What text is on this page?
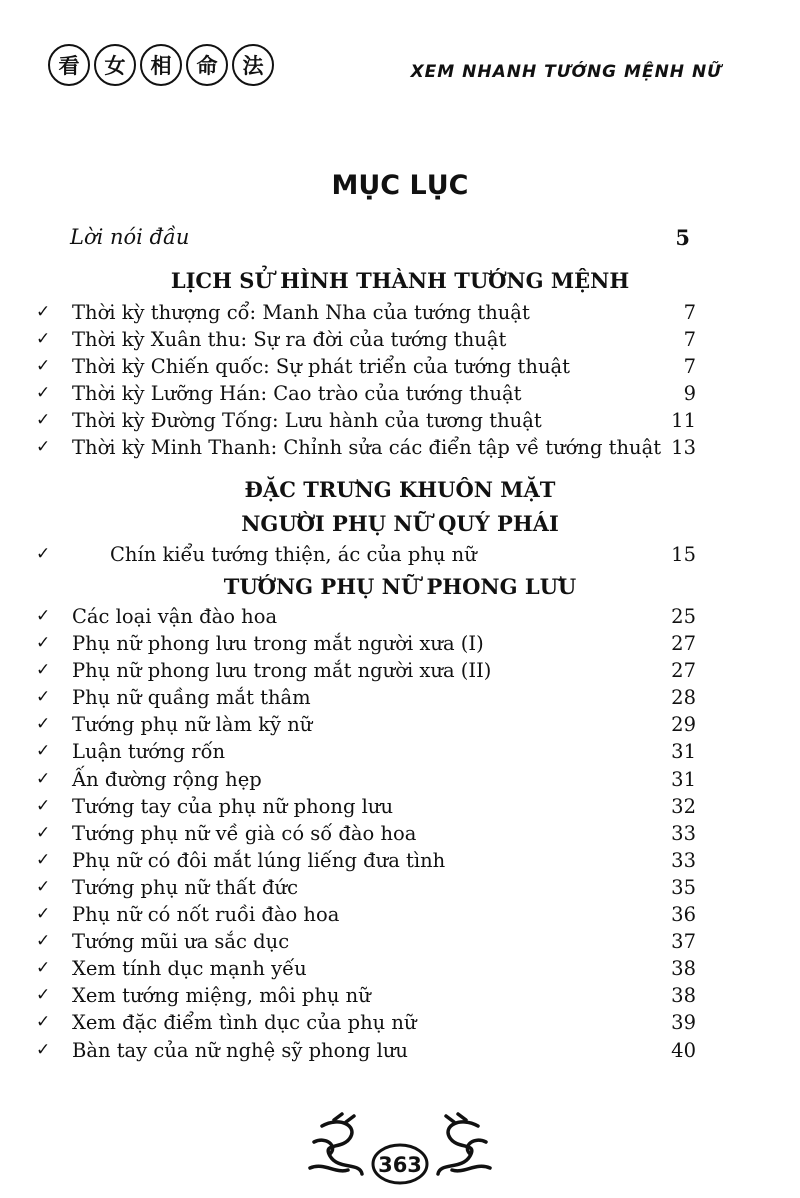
看	女	相	命	法	XEM NHANH TƯỚNG MỆNH NỮ
MỤC LỤC
Lời nói đầu	5
LỊCH SỬ HÌNH THÀNH TƯỚNG MỆNH
✓ Thời kỳ thượng cổ: Manh Nha của tướng thuật	7
✓ Thời kỳ Xuân thu: Sự ra đời của tướng thuật	7
✓ Thời kỳ Chiến quốc: Sự phát triển của tướng thuật	7
✓ Thời kỳ Lưỡng Hán: Cao trào của tướng thuật	9
✓ Thời kỳ Đường Tống: Lưu hành của tương thuật	11
✓ Thời kỳ Minh Thanh: Chỉnh sửa các điển tập về tướng thuật 13
ĐẶC TRƯNG KHUÔN MẶT
NGƯỜI PHỤ NỮ QUÝ PHÁI
✓	Chín kiểu tướng thiện, ác của phụ nữ	15
TƯỚNG PHỤ NỮ PHONG LƯU
✓ Các loại vận đào hoa	25
✓ Phụ nữ phong lưu trong mắt người xưa (I)	27
✓ Phụ nữ phong lưu trong mắt người xưa (II)	27
✓ Phụ nữ quầng mắt thâm	28
✓ Tướng phụ nữ làm kỹ nữ	29
✓ Luận tướng rốn	31
✓ Ấn đường rộng hẹp	31
✓ Tướng tay của phụ nữ phong lưu	32
✓ Tướng phụ nữ về già có số đào hoa	33
✓ Phụ nữ có đôi mắt lúng liếng đưa tình	33
✓ Tướng phụ nữ thất đức	35
✓ Phụ nữ có nốt ruồi đào hoa	36
✓ Tướng mũi ưa sắc dục	37
✓ Xem tính dục mạnh yếu	38
✓ Xem tướng miệng, môi phụ nữ	38
✓ Xem đặc điểm tình dục của phụ nữ	39
✓ Bàn tay của nữ nghệ sỹ phong lưu	40
363
